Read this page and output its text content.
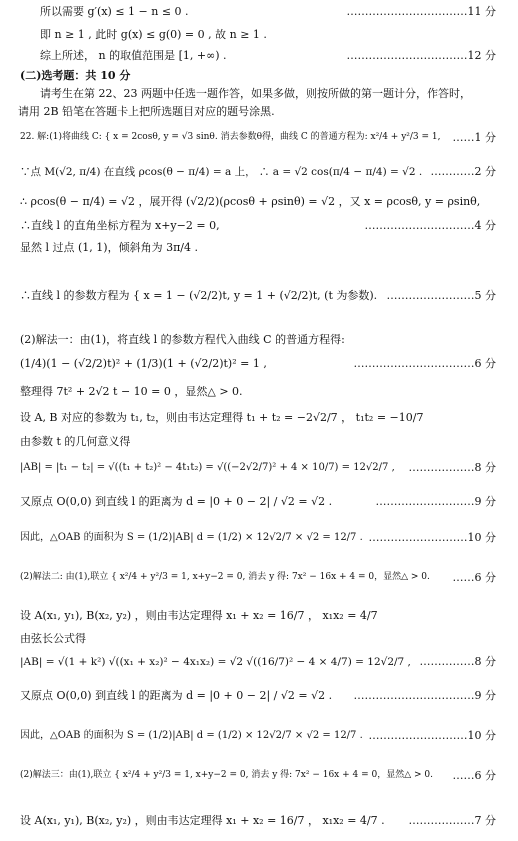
所以需要 g′(x) ≤ 1 − n ≤ 0 .	……………………………11 分
即 n ≥ 1 , 此时 g(x) ≤ g(0) = 0 , 故 n ≥ 1 .
综上所述， n 的取值范围是 [1, +∞) .	……………………………12 分
(二)选考题：共 10 分
请考生在第 22、23 两题中任选一题作答，如果多做，则按所做的第一题计分，作答时，
请用 2B 铅笔在答题卡上把所选题目对应的题号涂黑.
22. 解:(1)将曲线 C: { x = 2cosθ, y = √3 sinθ. 消去参数θ得，曲线 C 的普通方程为: x²/4 + y²/3 = 1, ……1 分
∵点 M(√2, π/4) 在直线 ρcos(θ − π/4) = a 上， ∴ a = √2 cos(π/4 − π/4) = √2 . …………2 分
∴ ρcos(θ − π/4) = √2 ，展开得 (√2/2)(ρcosθ + ρsinθ) = √2 ，又 x = ρcosθ, y = ρsinθ,
∴直线 l 的直角坐标方程为 x+y−2 = 0,	…………………………4 分
显然 l 过点 (1, 1)，倾斜角为 3π/4 .
∴直线 l 的参数方程为 { x = 1 − (√2/2)t, y = 1 + (√2/2)t, (t 为参数). ……………………5 分
(2)解法一：由(1)，将直线 l 的参数方程代入曲线 C 的普通方程得:
(1/4)(1 − (√2/2)t)² + (1/3)(1 + (√2/2)t)² = 1 ,	……………………………6 分
整理得 7t² + 2√2 t − 10 = 0 ，显然△ > 0.
设 A, B 对应的参数为 t₁, t₂，则由韦达定理得 t₁ + t₂ = −2√2/7 ， t₁t₂ = −10/7
由参数 t 的几何意义得
|AB| = |t₁ − t₂| = √((t₁ + t₂)² − 4t₁t₂) = √((−2√2/7)² + 4 × 10/7) = 12√2/7 , ………………8 分
又原点 O(0,0) 到直线 l 的距离为 d = |0 + 0 − 2| / √2 = √2 .	………………………9 分
因此，△OAB 的面积为 S = (1/2)|AB| d = (1/2) × 12√2/7 × √2 = 12/7 . ………………………10 分
(2)解法二: 由(1),联立 { x²/4 + y²/3 = 1, x+y−2 = 0, 消去 y 得: 7x² − 16x + 4 = 0，显然△ > 0. ……6 分
设 A(x₁, y₁), B(x₂, y₂) ，则由韦达定理得 x₁ + x₂ = 16/7 ， x₁x₂ = 4/7
由弦长公式得
|AB| = √(1 + k²) √((x₁ + x₂)² − 4x₁x₂) = √2 √((16/7)² − 4 × 4/7) = 12√2/7 , ……………8 分
又原点 O(0,0) 到直线 l 的距离为 d = |0 + 0 − 2| / √2 = √2 . ……………………………9 分
因此，△OAB 的面积为 S = (1/2)|AB| d = (1/2) × 12√2/7 × √2 = 12/7 . ………………………10 分
(2)解法三：由(1),联立 { x²/4 + y²/3 = 1, x+y−2 = 0, 消去 y 得: 7x² − 16x + 4 = 0，显然△ > 0. ……6 分
设 A(x₁, y₁), B(x₂, y₂) ，则由韦达定理得 x₁ + x₂ = 16/7 ， x₁x₂ = 4/7 . ………………7 分
